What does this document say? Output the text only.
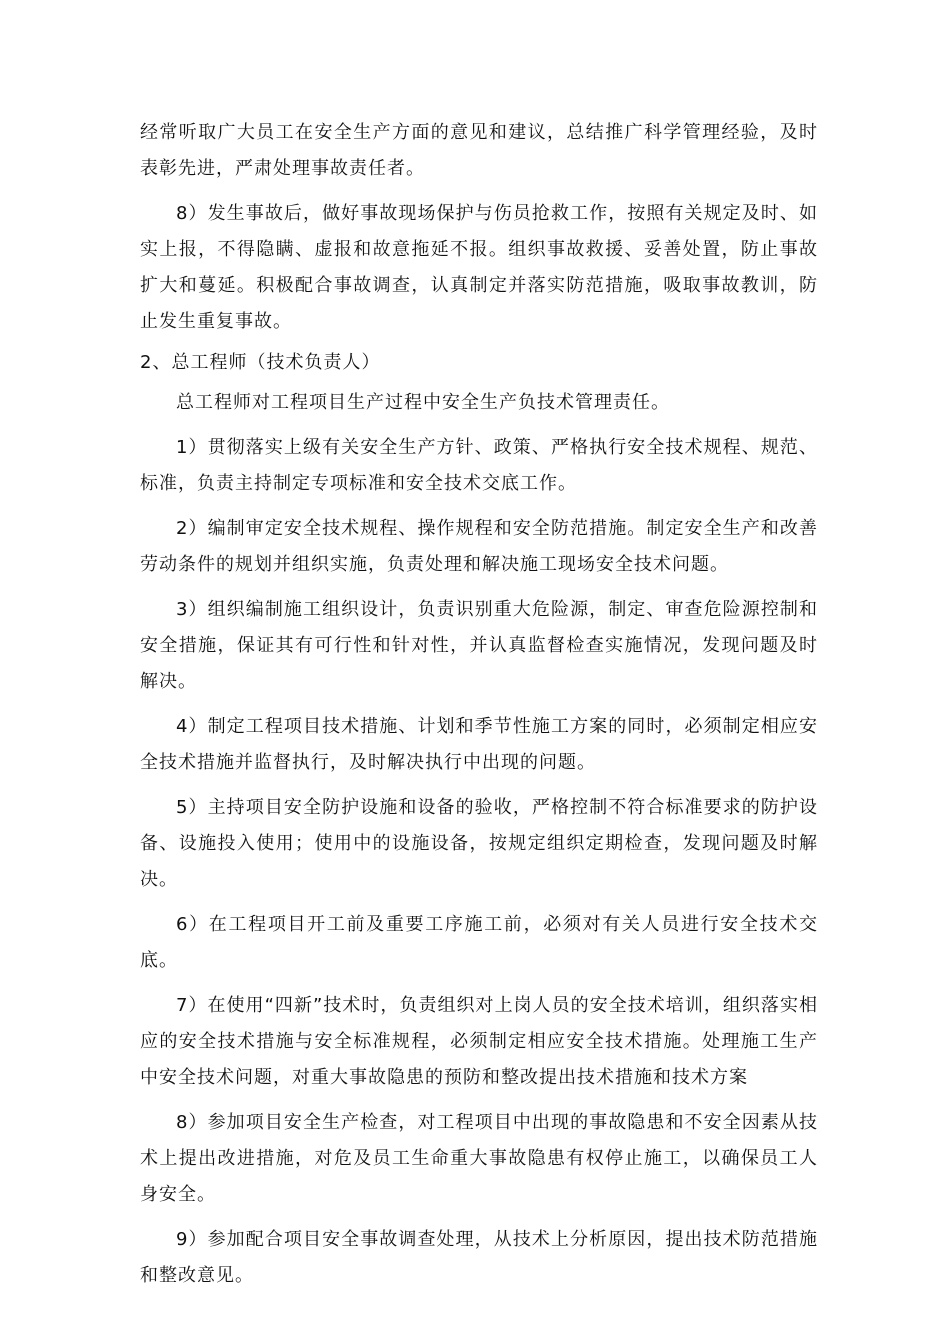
经常听取广大员工在安全生产方面的意见和建议，总结推广科学管理经验，及时表彰先进，严肃处理事故责任者。

8）发生事故后，做好事故现场保护与伤员抢救工作，按照有关规定及时、如实上报，不得隐瞒、虚报和故意拖延不报。组织事故救援、妥善处置，防止事故扩大和蔓延。积极配合事故调查，认真制定并落实防范措施，吸取事故教训，防止发生重复事故。

2、总工程师（技术负责人）

总工程师对工程项目生产过程中安全生产负技术管理责任。

1）贯彻落实上级有关安全生产方针、政策、严格执行安全技术规程、规范、标准，负责主持制定专项标准和安全技术交底工作。

2）编制审定安全技术规程、操作规程和安全防范措施。制定安全生产和改善劳动条件的规划并组织实施，负责处理和解决施工现场安全技术问题。

3）组织编制施工组织设计，负责识别重大危险源，制定、审查危险源控制和安全措施，保证其有可行性和针对性，并认真监督检查实施情况，发现问题及时解决。

4）制定工程项目技术措施、计划和季节性施工方案的同时，必须制定相应安全技术措施并监督执行，及时解决执行中出现的问题。

5）主持项目安全防护设施和设备的验收，严格控制不符合标准要求的防护设备、设施投入使用；使用中的设施设备，按规定组织定期检查，发现问题及时解决。

6）在工程项目开工前及重要工序施工前，必须对有关人员进行安全技术交底。

7）在使用“四新”技术时，负责组织对上岗人员的安全技术培训，组织落实相应的安全技术措施与安全标准规程，必须制定相应安全技术措施。处理施工生产中安全技术问题，对重大事故隐患的预防和整改提出技术措施和技术方案

8）参加项目安全生产检查，对工程项目中出现的事故隐患和不安全因素从技术上提出改进措施，对危及员工生命重大事故隐患有权停止施工，以确保员工人身安全。

9）参加配合项目安全事故调查处理，从技术上分析原因，提出技术防范措施和整改意见。
